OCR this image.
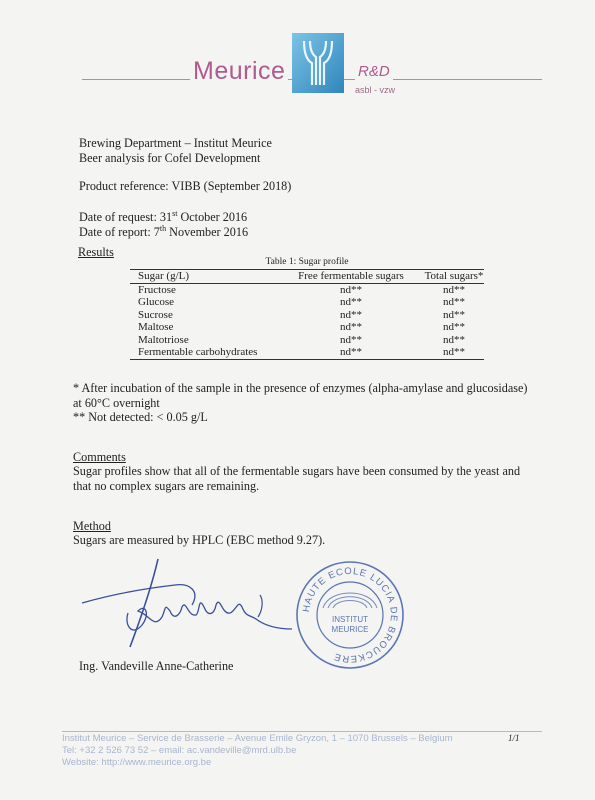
Meurice	R&D
asbl - vzw
Brewing Department – Institut Meurice
Beer analysis for Cofel Development
Product reference: VIBB (September 2018)
Date of request: 31st October 2016
Date of report: 7th November 2016
Results
Table 1: Sugar profile
Sugar (g/L)	Free fermentable sugars	Total sugars*
Fructose	nd**	nd**
Glucose	nd**	nd**
Sucrose	nd**	nd**
Maltose	nd**	nd**
Maltotriose	nd**	nd**
Fermentable carbohydrates	nd**	nd**
* After incubation of the sample in the presence of enzymes (alpha-amylase and glucosidase)
at 60°C overnight
** Not detected: < 0.05 g/L
Comments
Sugar profiles show that all of the fermentable sugars have been consumed by the yeast and
that no complex sugars are remaining.
Method
Sugars are measured by HPLC (EBC method 9.27).
HAUTE ECOLE LUCIA DE BROUCKERE
INSTITUT
MEURICE
Ing. Vandeville Anne-Catherine
Institut Meurice – Service de Brasserie – Avenue Emile Gryzon, 1 – 1070 Brussels – Belgium
Tel: +32 2 526 73 52 – email: ac.vandeville@mrd.ulb.be
Website: http://www.meurice.org.be
1/1
